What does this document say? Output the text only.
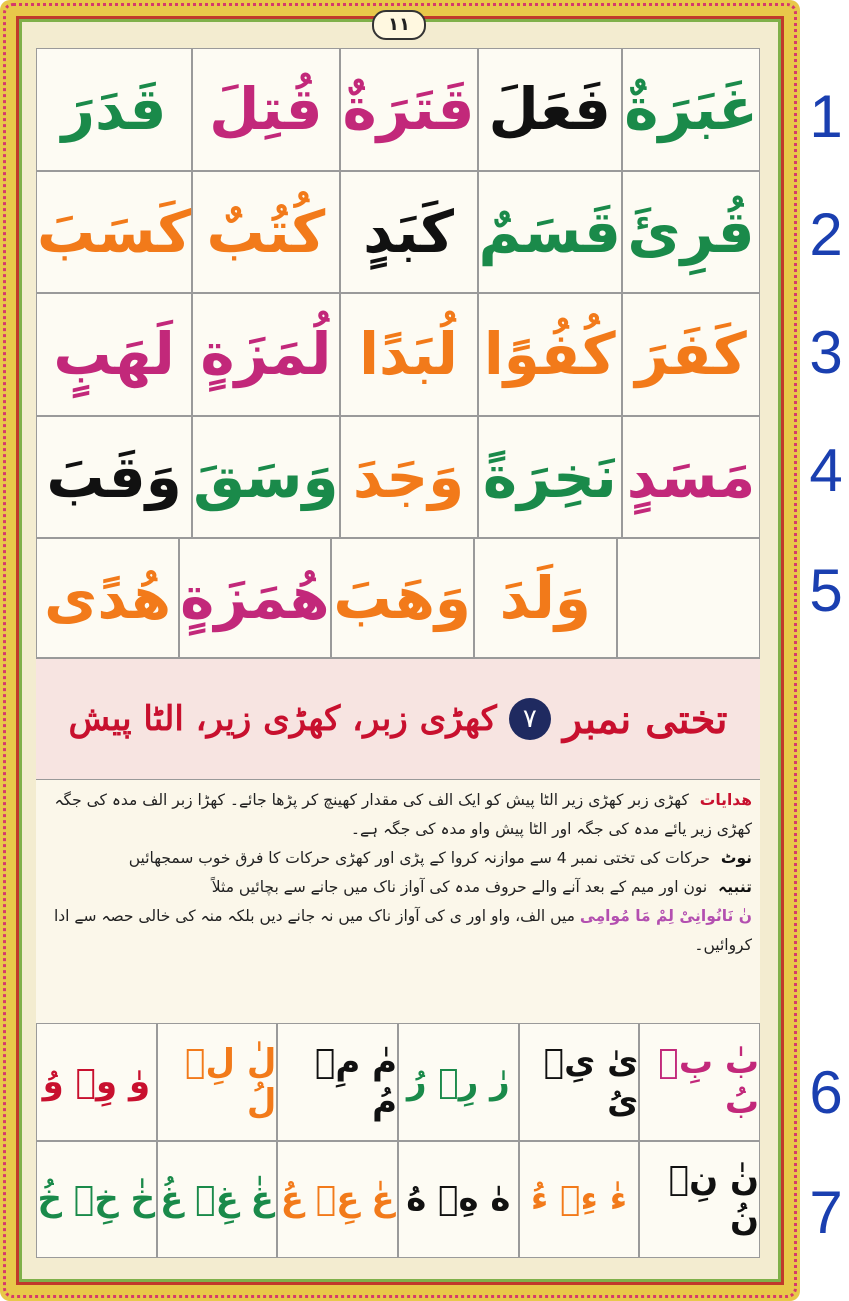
۱۱
غَبَرَةٌ
فَعَلَ
قَتَرَةٌ
قُتِلَ
قَدَرَ
قُرِئَ
قَسَمٌ
كَبَدٍ
كُتُبٌ
كَسَبَ
كَفَرَ
كُفُوًا
لُبَدًا
لُمَزَةٍ
لَهَبٍ
مَسَدٍ
نَخِرَةً
وَجَدَ
وَسَقَ
وَقَبَ
وَلَدَ
وَهَبَ
هُمَزَةٍ
هُدًى
تختی نمبر
۷
کھڑی زبر، کھڑی زیر، الٹا پیش

ھدایات کھڑی زبر کھڑی زیر الٹا پیش کو ایک الف کی مقدار کھینچ کر پڑھا جائے۔ کھڑا زبر الف مدہ کی جگہ کھڑی زیر یائے مدہ کی جگہ اور الٹا پیش واو مدہ کی جگہ ہے۔

نوٹ حرکات کی تختی نمبر 4 سے موازنہ کروا کے پڑی اور کھڑی حرکات کا فرق خوب سمجھائیں

تنبیہ نون اور میم کے بعد آنے والے حروف مدہ کی آواز ناک میں جانے سے بچائیں مثلاً

نٰ نَانُوانِیْ لِمْ مَا مُوامِی میں الف، واو اور ی کی آواز ناک میں نہ جانے دیں بلکہ منہ کی خالی حصہ سے ادا کروائیں۔

بٰ بِٖ بُ
یٰ یِٖ یُ
رٰ رِٖ رُ
مٰ مِٖ مُ
لٰ لِٖ لُ
وٰ وِٖ وُ
نٰ نِٖ نُ
ءٰ ءِٖ ءُ
هٰ هِٖ هُ
عٰ عِٖ عُ
غٰ غِٖ غُ
خٰ خِٖ خُ
1
2
3
4
5
6
7
